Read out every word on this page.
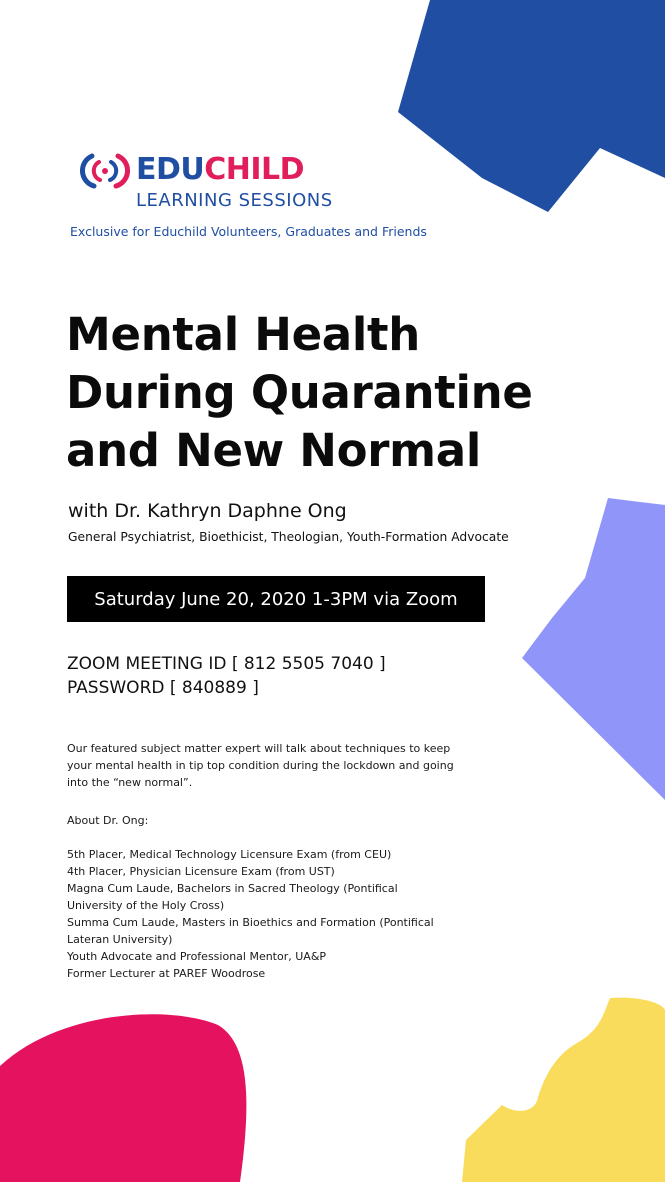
EDUCHILD
LEARNING SESSIONS
Exclusive for Educhild Volunteers, Graduates and Friends
Mental Health
During Quarantine
and New Normal
with Dr. Kathryn Daphne Ong
General Psychiatrist, Bioethicist, Theologian, Youth-Formation Advocate
Saturday June 20, 2020 1-3PM via Zoom
ZOOM MEETING ID [ 812 5505 7040 ]
PASSWORD [ 840889 ]
Our featured subject matter expert will talk about techniques to keep
your mental health in tip top condition during the lockdown and going
into the “new normal”.
About Dr. Ong:
5th Placer, Medical Technology Licensure Exam (from CEU)
4th Placer, Physician Licensure Exam (from UST)
Magna Cum Laude, Bachelors in Sacred Theology (Pontifical
University of the Holy Cross)
Summa Cum Laude, Masters in Bioethics and Formation (Pontifical
Lateran University)
Youth Advocate and Professional Mentor, UA&P
Former Lecturer at PAREF Woodrose
